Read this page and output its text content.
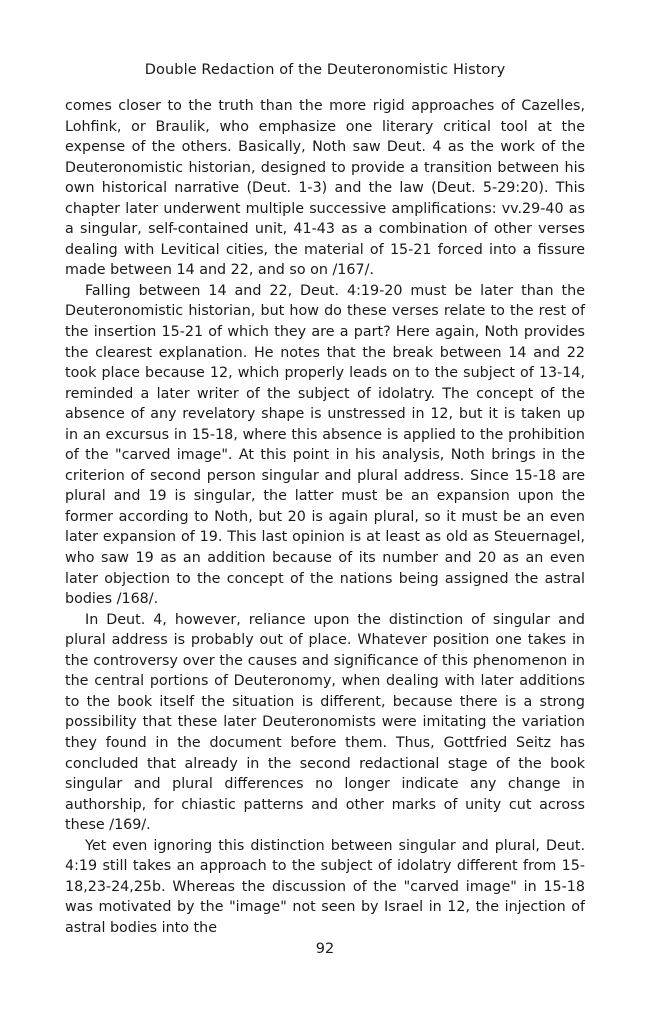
Double Redaction of the Deuteronomistic History

comes closer to the truth than the more rigid approaches of Cazelles, Lohfink, or Braulik, who emphasize one literary critical tool at the expense of the others. Basically, Noth saw Deut. 4 as the work of the Deuteronomistic historian, designed to provide a transition between his own historical narrative (Deut. 1-3) and the law (Deut. 5-29:20). This chapter later underwent multiple successive amplifications: vv.29-40 as a singular, self-contained unit, 41-43 as a combination of other verses dealing with Levitical cities, the material of 15-21 forced into a fissure made between 14 and 22, and so on /167/.

Falling between 14 and 22, Deut. 4:19-20 must be later than the Deuteronomistic historian, but how do these verses relate to the rest of the insertion 15-21 of which they are a part? Here again, Noth provides the clearest explanation. He notes that the break between 14 and 22 took place because 12, which properly leads on to the subject of 13-14, reminded a later writer of the subject of idolatry. The concept of the absence of any revelatory shape is unstressed in 12, but it is taken up in an excursus in 15-18, where this absence is applied to the prohibition of the "carved image". At this point in his analysis, Noth brings in the criterion of second person singular and plural address. Since 15-18 are plural and 19 is singular, the latter must be an expansion upon the former according to Noth, but 20 is again plural, so it must be an even later expansion of 19. This last opinion is at least as old as Steuernagel, who saw 19 as an addition because of its number and 20 as an even later objection to the concept of the nations being assigned the astral bodies /168/.

In Deut. 4, however, reliance upon the distinction of singular and plural address is probably out of place. Whatever position one takes in the controversy over the causes and significance of this phenomenon in the central portions of Deuteronomy, when dealing with later additions to the book itself the situation is different, because there is a strong possibility that these later Deuteronomists were imitating the variation they found in the document before them. Thus, Gottfried Seitz has concluded that already in the second redactional stage of the book singular and plural differences no longer indicate any change in authorship, for chiastic patterns and other marks of unity cut across these /169/.

Yet even ignoring this distinction between singular and plural, Deut. 4:19 still takes an approach to the subject of idolatry different from 15-18,23-24,25b. Whereas the discussion of the "carved image" in 15-18 was motivated by the "image" not seen by Israel in 12, the injection of astral bodies into the

92
